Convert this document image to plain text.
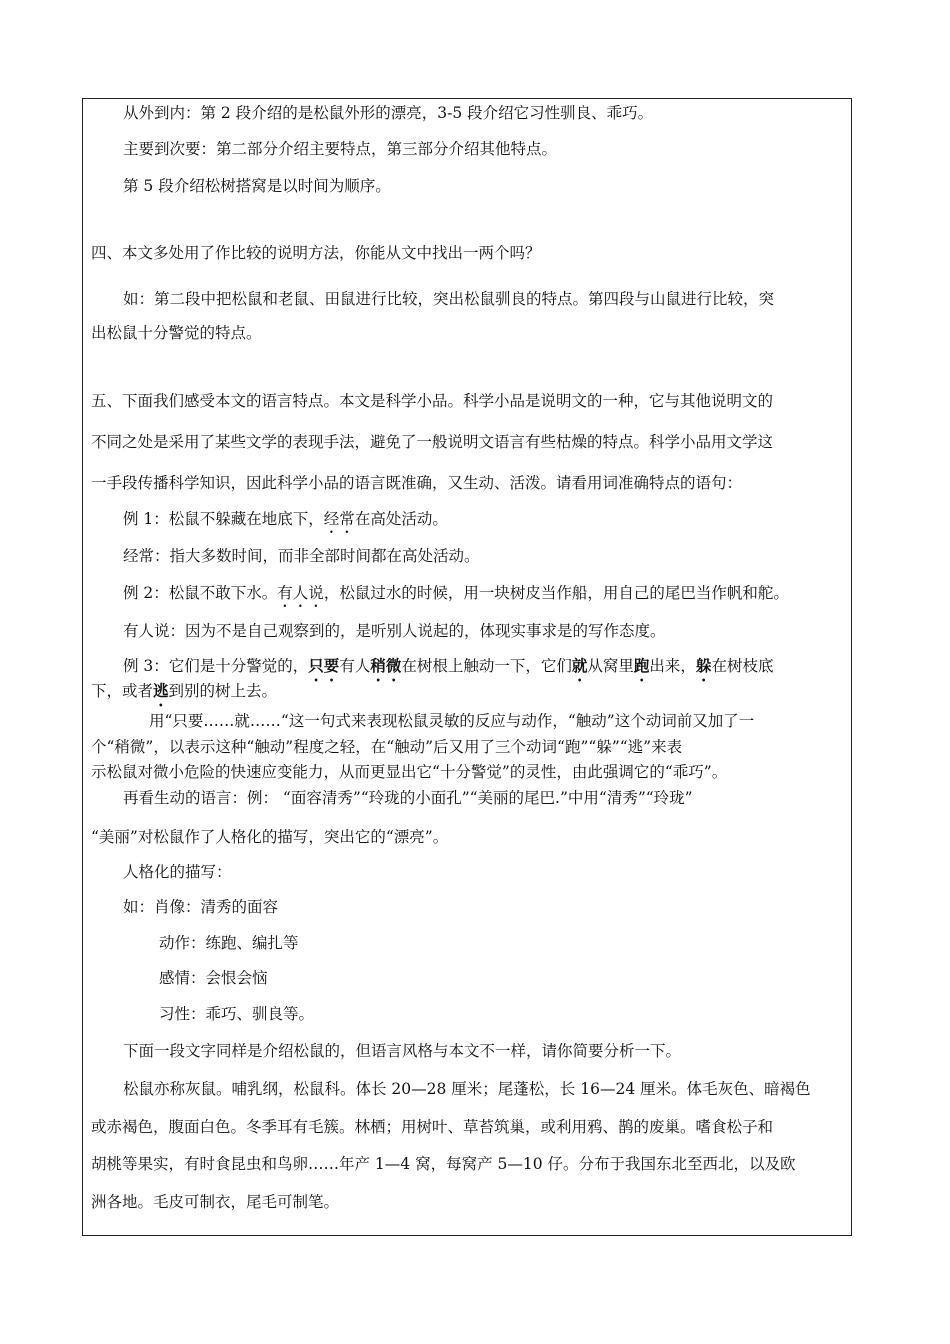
从外到内：第 2 段介绍的是松鼠外形的漂亮，3-5 段介绍它习性驯良、乖巧。
主要到次要：第二部分介绍主要特点，第三部分介绍其他特点。
第 5 段介绍松树搭窝是以时间为顺序。
四、本文多处用了作比较的说明方法，你能从文中找出一两个吗？
如：第二段中把松鼠和老鼠、田鼠进行比较，突出松鼠驯良的特点。第四段与山鼠进行比较，突
出松鼠十分警觉的特点。
五、下面我们感受本文的语言特点。本文是科学小品。科学小品是说明文的一种，它与其他说明文的
不同之处是采用了某些文学的表现手法，避免了一般说明文语言有些枯燥的特点。科学小品用文学这
一手段传播科学知识，因此科学小品的语言既准确，又生动、活泼。请看用词准确特点的语句：
例 1：松鼠不躲藏在地底下，经常在高处活动。
经常：指大多数时间，而非全部时间都在高处活动。
例 2：松鼠不敢下水。有人说，松鼠过水的时候，用一块树皮当作船，用自己的尾巴当作帆和舵。
有人说：因为不是自己观察到的，是听别人说起的，体现实事求是的写作态度。
例 3：它们是十分警觉的，只要有人稍微在树根上触动一下，它们就从窝里跑出来，躲在树枝底
下，或者逃到别的树上去。
用“只要……就……“这一句式来表现松鼠灵敏的反应与动作，“触动”这个动词前又加了一
个“稍微”，以表示这种“触动”程度之轻，在“触动”后又用了三个动词“跑”“躲”“逃”来表
示松鼠对微小危险的快速应变能力，从而更显出它“十分警觉”的灵性，由此强调它的“乖巧”。
再看生动的语言：例： “面容清秀”“玲珑的小面孔”“美丽的尾巴.”中用“清秀”“玲珑”
“美丽”对松鼠作了人格化的描写，突出它的“漂亮”。
人格化的描写：
如：肖像：清秀的面容
动作：练跑、编扎等
感情：会恨会恼
习性：乖巧、驯良等。
下面一段文字同样是介绍松鼠的，但语言风格与本文不一样，请你简要分析一下。
松鼠亦称灰鼠。哺乳纲，松鼠科。体长 20—28 厘米；尾蓬松，长 16—24 厘米。体毛灰色、暗褐色
或赤褐色，腹面白色。冬季耳有毛簇。林栖；用树叶、草苔筑巢，或利用鸦、鹊的废巢。嗜食松子和
胡桃等果实，有时食昆虫和鸟卵……年产 1—4 窝，每窝产 5—10 仔。分布于我国东北至西北，以及欧
洲各地。毛皮可制衣，尾毛可制笔。
